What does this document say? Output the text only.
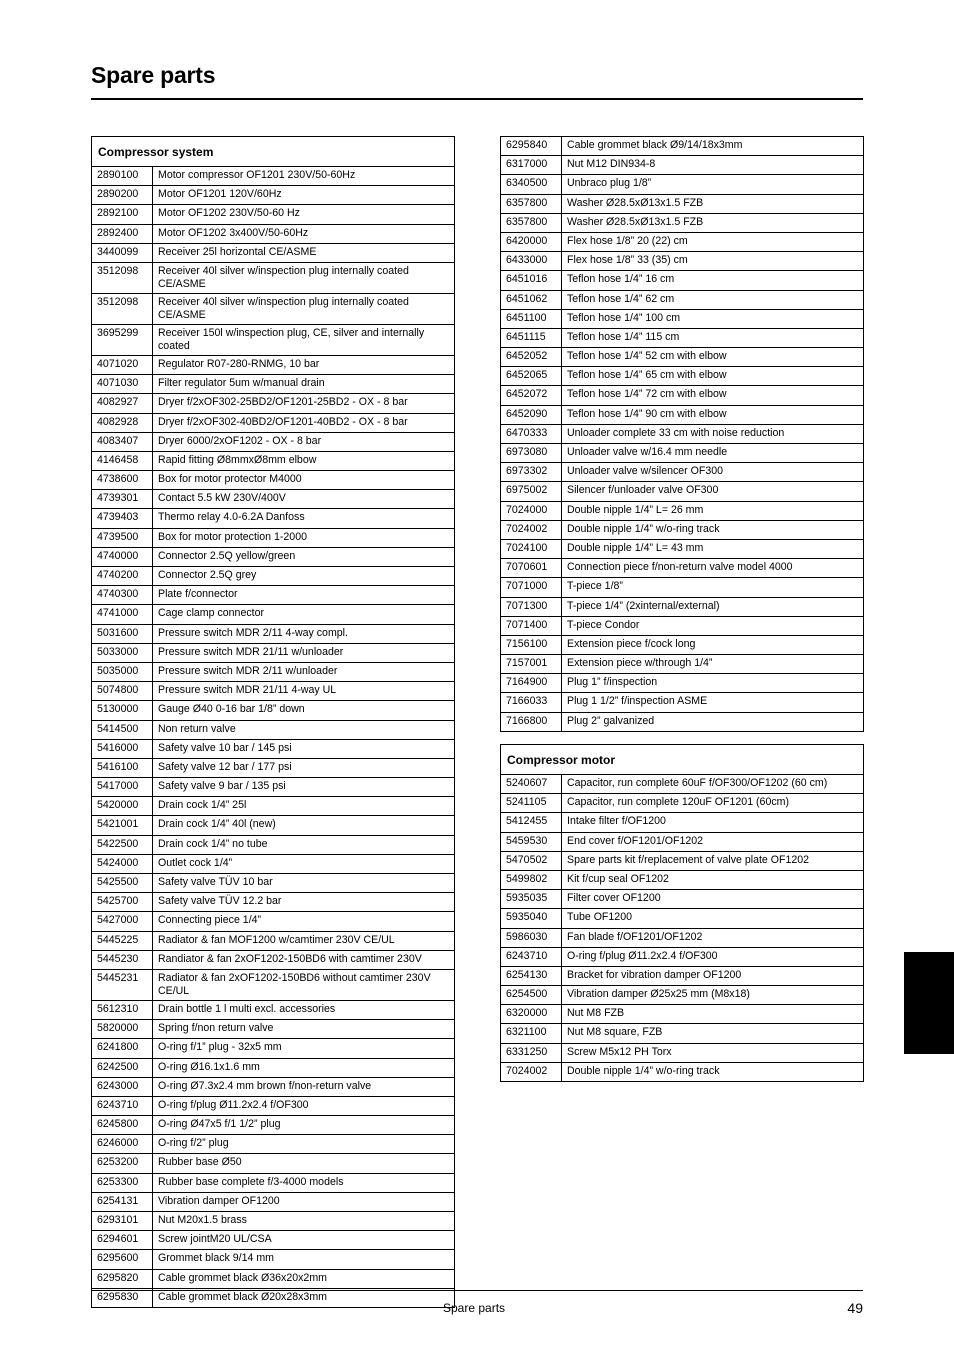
Spare parts
Compressor system	
2890100	Motor compressor OF1201 230V/50-60Hz
2890200	Motor OF1201 120V/60Hz
2892100	Motor OF1202 230V/50-60 Hz
2892400	Motor OF1202 3x400V/50-60Hz
3440099	Receiver 25l horizontal CE/ASME
3512098	Receiver 40l silver w/inspection plug internally coated CE/ASME
3512098	Receiver 40l silver w/inspection plug internally coated CE/ASME
3695299	Receiver 150l w/inspection plug, CE, silver and internally coated
4071020	Regulator R07-280-RNMG, 10 bar
4071030	Filter regulator 5um w/manual drain
4082927	Dryer f/2xOF302-25BD2/OF1201-25BD2 - OX - 8 bar
4082928	Dryer f/2xOF302-40BD2/OF1201-40BD2 - OX - 8 bar
4083407	Dryer 6000/2xOF1202 - OX - 8 bar
4146458	Rapid fitting Ø8mmxØ8mm elbow
4738600	Box for motor protector M4000
4739301	Contact 5.5 kW 230V/400V
4739403	Thermo relay 4.0-6.2A Danfoss
4739500	Box for motor protection 1-2000
4740000	Connector 2.5Q yellow/green
4740200	Connector 2.5Q grey
4740300	Plate f/connector
4741000	Cage clamp connector
5031600	Pressure switch MDR 2/11 4-way compl.
5033000	Pressure switch MDR 21/11 w/unloader
5035000	Pressure switch MDR 2/11 w/unloader
5074800	Pressure switch MDR 21/11 4-way UL
5130000	Gauge Ø40 0-16 bar 1/8” down
5414500	Non return valve
5416000	Safety valve 10 bar / 145 psi
5416100	Safety valve 12 bar / 177 psi
5417000	Safety valve 9 bar / 135 psi
5420000	Drain cock 1/4” 25l
5421001	Drain cock 1/4” 40l (new)
5422500	Drain cock 1/4” no tube
5424000	Outlet cock 1/4”
5425500	Safety valve TÜV 10 bar
5425700	Safety valve TÜV 12.2 bar
5427000	Connecting piece 1/4”
5445225	Radiator & fan MOF1200 w/camtimer 230V CE/UL
5445230	Randiator & fan 2xOF1202-150BD6 with camtimer 230V
5445231	Radiator & fan 2xOF1202-150BD6 without camtimer 230V CE/UL
5612310	Drain bottle 1 l multi excl. accessories
5820000	Spring f/non return valve
6241800	O-ring f/1” plug - 32x5 mm
6242500	O-ring Ø16.1x1.6 mm
6243000	O-ring Ø7.3x2.4 mm brown f/non-return valve
6243710	O-ring f/plug Ø11.2x2.4 f/OF300
6245800	O-ring Ø47x5 f/1 1/2” plug
6246000	O-ring f/2” plug
6253200	Rubber base Ø50
6253300	Rubber base complete f/3-4000 models
6254131	Vibration damper OF1200
6293101	Nut M20x1.5 brass
6294601	Screw jointM20 UL/CSA
6295600	Grommet black 9/14 mm
6295820	Cable grommet black Ø36x20x2mm
6295830	Cable grommet black Ø20x28x3mm
6295840	Cable grommet black Ø9/14/18x3mm
6317000	Nut M12 DIN934-8
6340500	Unbraco plug 1/8”
6357800	Washer Ø28.5xØ13x1.5 FZB
6357800	Washer Ø28.5xØ13x1.5 FZB
6420000	Flex hose 1/8” 20 (22) cm
6433000	Flex hose 1/8” 33 (35) cm
6451016	Teflon hose 1/4” 16 cm
6451062	Teflon hose 1/4” 62 cm
6451100	Teflon hose 1/4” 100 cm
6451115	Teflon hose 1/4” 115 cm
6452052	Teflon hose 1/4” 52 cm with elbow
6452065	Teflon hose 1/4” 65 cm with elbow
6452072	Teflon hose 1/4” 72 cm with elbow
6452090	Teflon hose 1/4” 90 cm with elbow
6470333	Unloader complete 33 cm with noise reduction
6973080	Unloader valve w/16.4 mm needle
6973302	Unloader valve w/silencer OF300
6975002	Silencer f/unloader valve OF300
7024000	Double nipple 1/4” L= 26 mm
7024002	Double nipple 1/4” w/o-ring track
7024100	Double nipple 1/4” L= 43 mm
7070601	Connection piece f/non-return valve model 4000
7071000	T-piece 1/8”
7071300	T-piece 1/4” (2xinternal/external)
7071400	T-piece Condor
7156100	Extension piece f/cock long
7157001	Extension piece w/through 1/4”
7164900	Plug 1” f/inspection
7166033	Plug 1 1/2” f/inspection ASME
7166800	Plug 2” galvanized
Compressor motor	
5240607	Capacitor, run complete 60uF f/OF300/OF1202 (60 cm)
5241105	Capacitor, run complete 120uF OF1201 (60cm)
5412455	Intake filter f/OF1200
5459530	End cover f/OF1201/OF1202
5470502	Spare parts kit f/replacement of valve plate OF1202
5499802	Kit f/cup seal OF1202
5935035	Filter cover OF1200
5935040	Tube OF1200
5986030	Fan blade f/OF1201/OF1202
6243710	O-ring f/plug Ø11.2x2.4 f/OF300
6254130	Bracket for vibration damper OF1200
6254500	Vibration damper Ø25x25 mm (M8x18)
6320000	Nut M8 FZB
6321100	Nut M8 square, FZB
6331250	Screw M5x12 PH Torx
7024002	Double nipple 1/4” w/o-ring track
Spare parts	49
